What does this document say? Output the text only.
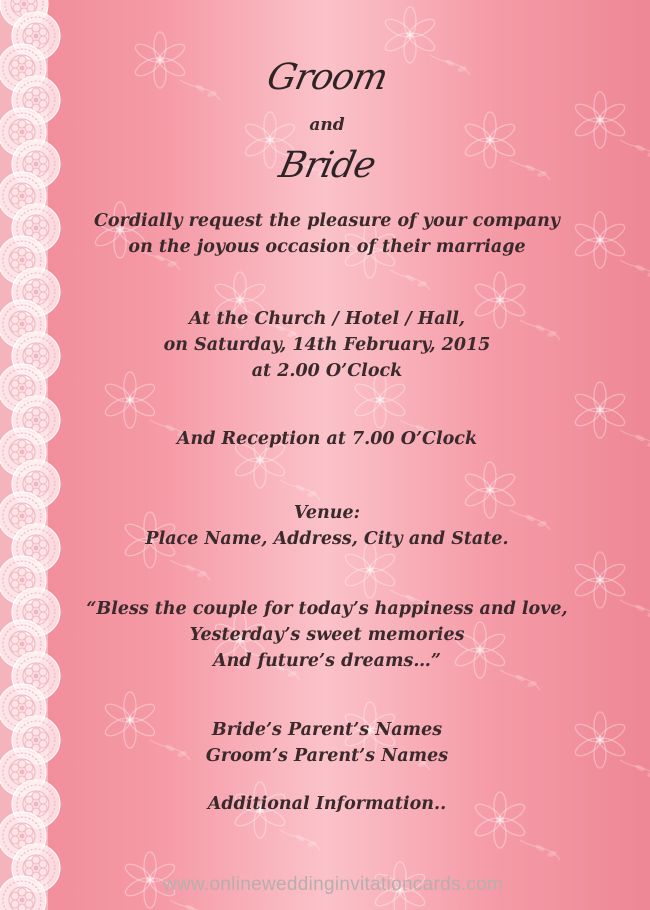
Groom
and
Bride
Cordially request the pleasure of your company
on the joyous occasion of their marriage
At the Church / Hotel / Hall,
on Saturday, 14th February, 2015
at 2.00 O’Clock
And Reception at 7.00 O’Clock
Venue:
Place Name, Address, City and State.
“Bless the couple for today’s happiness and love,
Yesterday’s sweet memories
And future’s dreams…”
Bride’s Parent’s Names
Groom’s Parent’s Names
Additional Information..
www.onlineweddinginvitationcards.com
